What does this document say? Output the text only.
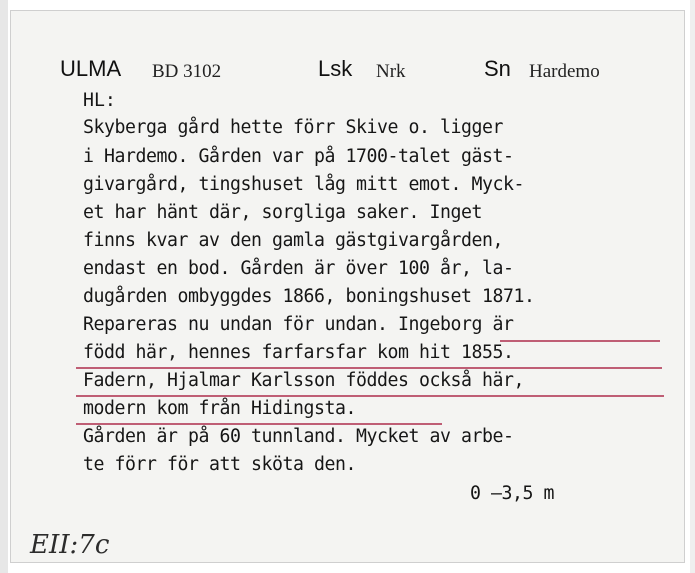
ULMA BD 3102	Lsk Nrk	Sn Hardemo
HL:
Skyberga gård hette förr Skive o. ligger
i Hardemo. Gården var på 1700-talet gäst-
givargård, tingshuset låg mitt emot. Myck-
et har hänt där, sorgliga saker. Inget
finns kvar av den gamla gästgivargården,
endast en bod. Gården är över 100 år, la-
dugården ombyggdes 1866, boningshuset 1871.
Repareras nu undan för undan. Ingeborg är
född här, hennes farfarsfar kom hit 1855.
Fadern, Hjalmar Karlsson föddes också här,
modern kom från Hidingsta.
Gården är på 60 tunnland. Mycket av arbe-
te förr för att sköta den.
0 —3,5 m
EII:7c
